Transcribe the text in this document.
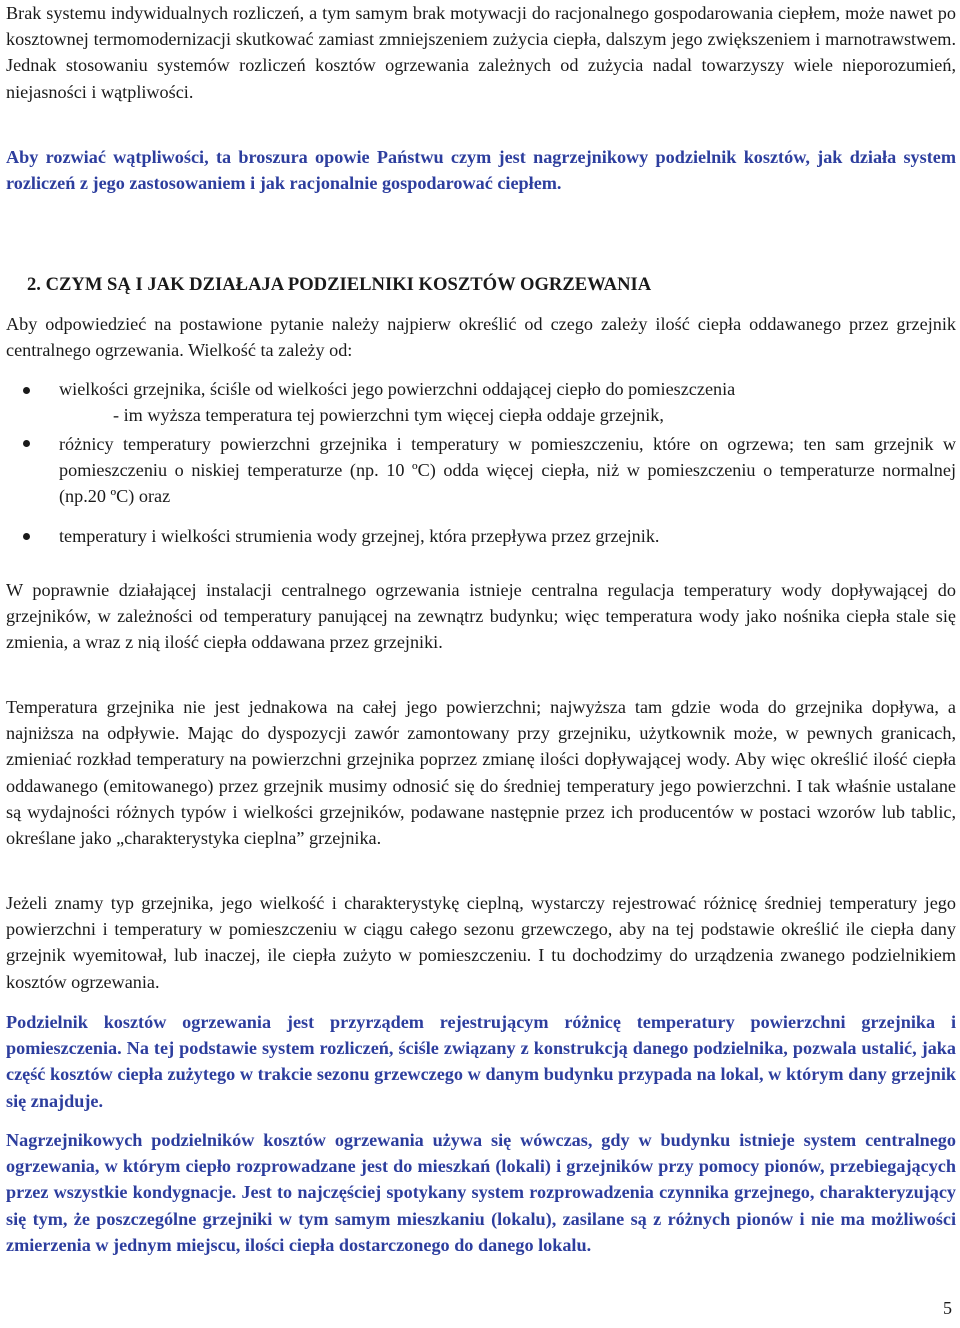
Brak systemu indywidualnych rozliczeń, a tym samym brak motywacji do racjonalnego gospodarowania ciepłem, może nawet po kosztownej termomodernizacji skutkować zamiast zmniejszeniem zużycia ciepła, dalszym jego zwiększeniem i marnotrawstwem. Jednak stosowaniu systemów rozliczeń kosztów ogrzewania zależnych od zużycia nadal towarzyszy wiele nieporozumień, niejasności i wątpliwości.

Aby rozwiać wątpliwości, ta broszura opowie Państwu czym jest nagrzejnikowy podzielnik kosztów, jak działa system rozliczeń z jego zastosowaniem i jak racjonalnie gospodarować ciepłem.

2. CZYM SĄ I JAK DZIAŁAJA PODZIELNIKI KOSZTÓW OGRZEWANIA

Aby odpowiedzieć na postawione pytanie należy najpierw określić od czego zależy ilość ciepła oddawanego przez grzejnik centralnego ogrzewania. Wielkość ta zależy od:

wielkości grzejnika, ściśle od wielkości jego powierzchni oddającej ciepło do pomieszczenia
- im wyższa temperatura tej powierzchni tym więcej ciepła oddaje grzejnik,
różnicy temperatury powierzchni grzejnika i temperatury w pomieszczeniu, które on ogrzewa; ten sam grzejnik w pomieszczeniu o niskiej temperaturze (np. 10 ºC) odda więcej ciepła, niż w pomieszczeniu o temperaturze normalnej (np.20 ºC) oraz
temperatury i wielkości strumienia wody grzejnej, która przepływa przez grzejnik.

W poprawnie działającej instalacji centralnego ogrzewania istnieje centralna regulacja temperatury wody dopływającej do grzejników, w zależności od temperatury panującej na zewnątrz budynku; więc temperatura wody jako nośnika ciepła stale się zmienia, a wraz z nią ilość ciepła oddawana przez grzejniki.

Temperatura grzejnika nie jest jednakowa na całej jego powierzchni; najwyższa tam gdzie woda do grzejnika dopływa, a najniższa na odpływie. Mając do dyspozycji zawór zamontowany przy grzejniku, użytkownik może, w pewnych granicach, zmieniać rozkład temperatury na powierzchni grzejnika poprzez zmianę ilości dopływającej wody. Aby więc określić ilość ciepła oddawanego (emitowanego) przez grzejnik musimy odnosić się do średniej temperatury jego powierzchni. I tak właśnie ustalane są wydajności różnych typów i wielkości grzejników, podawane następnie przez ich producentów w postaci wzorów lub tablic, określane jako „charakterystyka cieplna” grzejnika.

Jeżeli znamy typ grzejnika, jego wielkość i charakterystykę cieplną, wystarczy rejestrować różnicę średniej temperatury jego powierzchni i temperatury w pomieszczeniu w ciągu całego sezonu grzewczego, aby na tej podstawie określić ile ciepła dany grzejnik wyemitował, lub inaczej, ile ciepła zużyto w pomieszczeniu. I tu dochodzimy do urządzenia zwanego podzielnikiem kosztów ogrzewania.

Podzielnik kosztów ogrzewania jest przyrządem rejestrującym różnicę temperatury powierzchni grzejnika i pomieszczenia. Na tej podstawie system rozliczeń, ściśle związany z konstrukcją danego podzielnika, pozwala ustalić, jaka część kosztów ciepła zużytego w trakcie sezonu grzewczego w danym budynku przypada na lokal, w którym dany grzejnik się znajduje.

Nagrzejnikowych podzielników kosztów ogrzewania używa się wówczas, gdy w budynku istnieje system centralnego ogrzewania, w którym ciepło rozprowadzane jest do mieszkań (lokali) i grzejników przy pomocy pionów, przebiegających przez wszystkie kondygnacje. Jest to najczęściej spotykany system rozprowadzenia czynnika grzejnego, charakteryzujący się tym, że poszczególne grzejniki w tym samym mieszkaniu (lokalu), zasilane są z różnych pionów i nie ma możliwości zmierzenia w jednym miejscu, ilości ciepła dostarczonego do danego lokalu.

5
